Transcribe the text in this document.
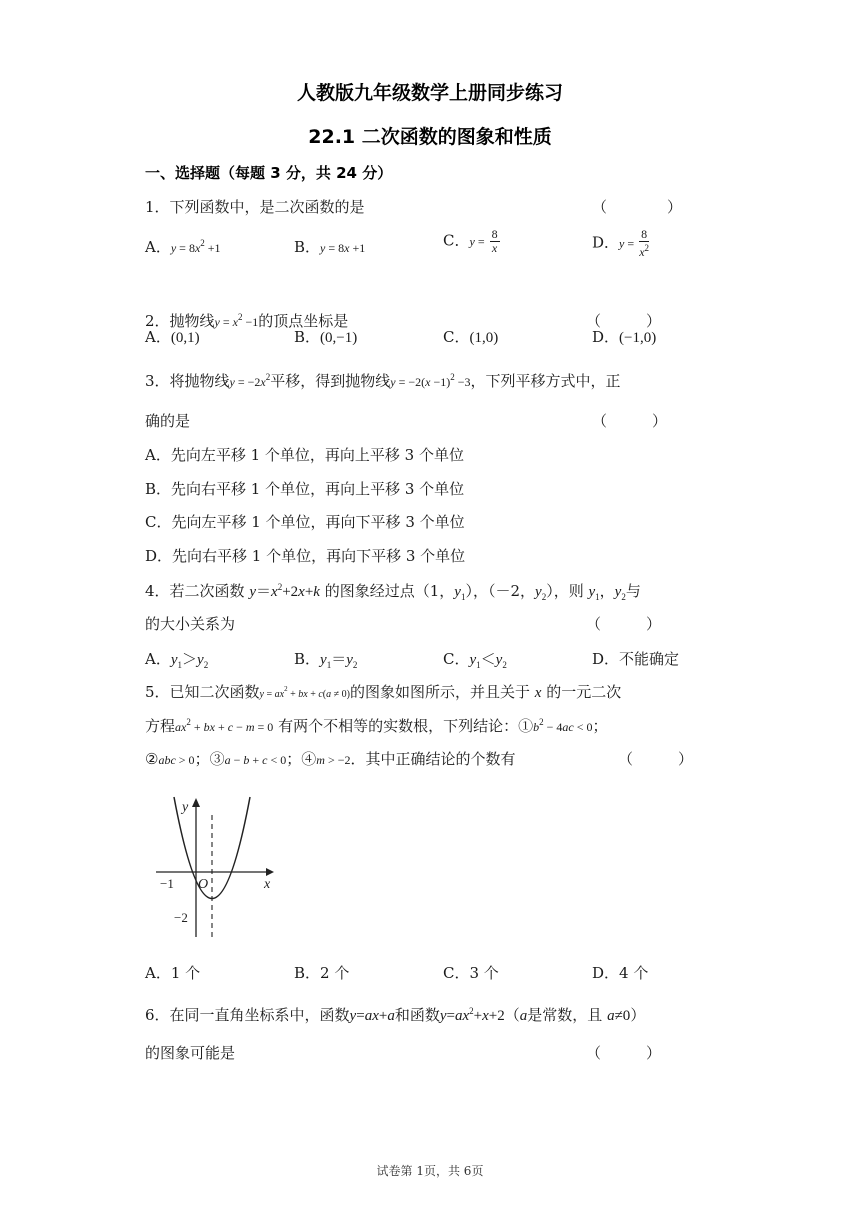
人教版九年级数学上册同步练习
22.1 二次函数的图象和性质
一、选择题（每题 3 分，共 24 分）
1．下列函数中，是二次函数的是	（　　　　）
A．$y = 8x^2 +1$	B．y = 8x +1	C．$y = \frac{8}{x}$	D．$y = \frac{8}{x^2}$
2．抛物线$y = x^2 -1$的顶点坐标是	（　　　）
A．(0,1)	B．(0,−1)	C．(1,0)	D．(−1,0)
3．将抛物线$y = -2x^2$平移，得到抛物线$y = -2(x -1)^2 -3$，下列平移方式中，正
确的是	（　　　）
A．先向左平移 1 个单位，再向上平移 3 个单位
B．先向右平移 1 个单位，再向上平移 3 个单位
C．先向左平移 1 个单位，再向下平移 3 个单位
D．先向右平移 1 个单位，再向下平移 3 个单位
4．若二次函数 $y=x^2+2x+k$ 的图象经过点（1，$y_1$），（－2，$y_2$），则 $y_1$，$y_2$与
的大小关系为	（　　　）
A．$y_1>y_2$	B．$y_1=y_2$	C．$y_1<y_2$	D．不能确定
5．已知二次函数$y = ax^2$ + bx + c(a ≠ 0)的图象如图所示，并且关于 x 的一元二次
方程$ax^2$ + bx + c − m = 0 有两个不相等的实数根，下列结论：$①b^2 - 4ac < 0$；
②abc > 0；③a − b + c < 0；④m > −2．其中正确结论的个数有	（　　　）
y
x
O
−1
−2
A．1 个	B．2 个	C．3 个	D．4 个
6．在同一直角坐标系中，函数y=ax+a和函数$y=ax^2+x+2(a$是常数，且 a≠0）
的图象可能是	（　　　）
试卷第 1页，共 6页
